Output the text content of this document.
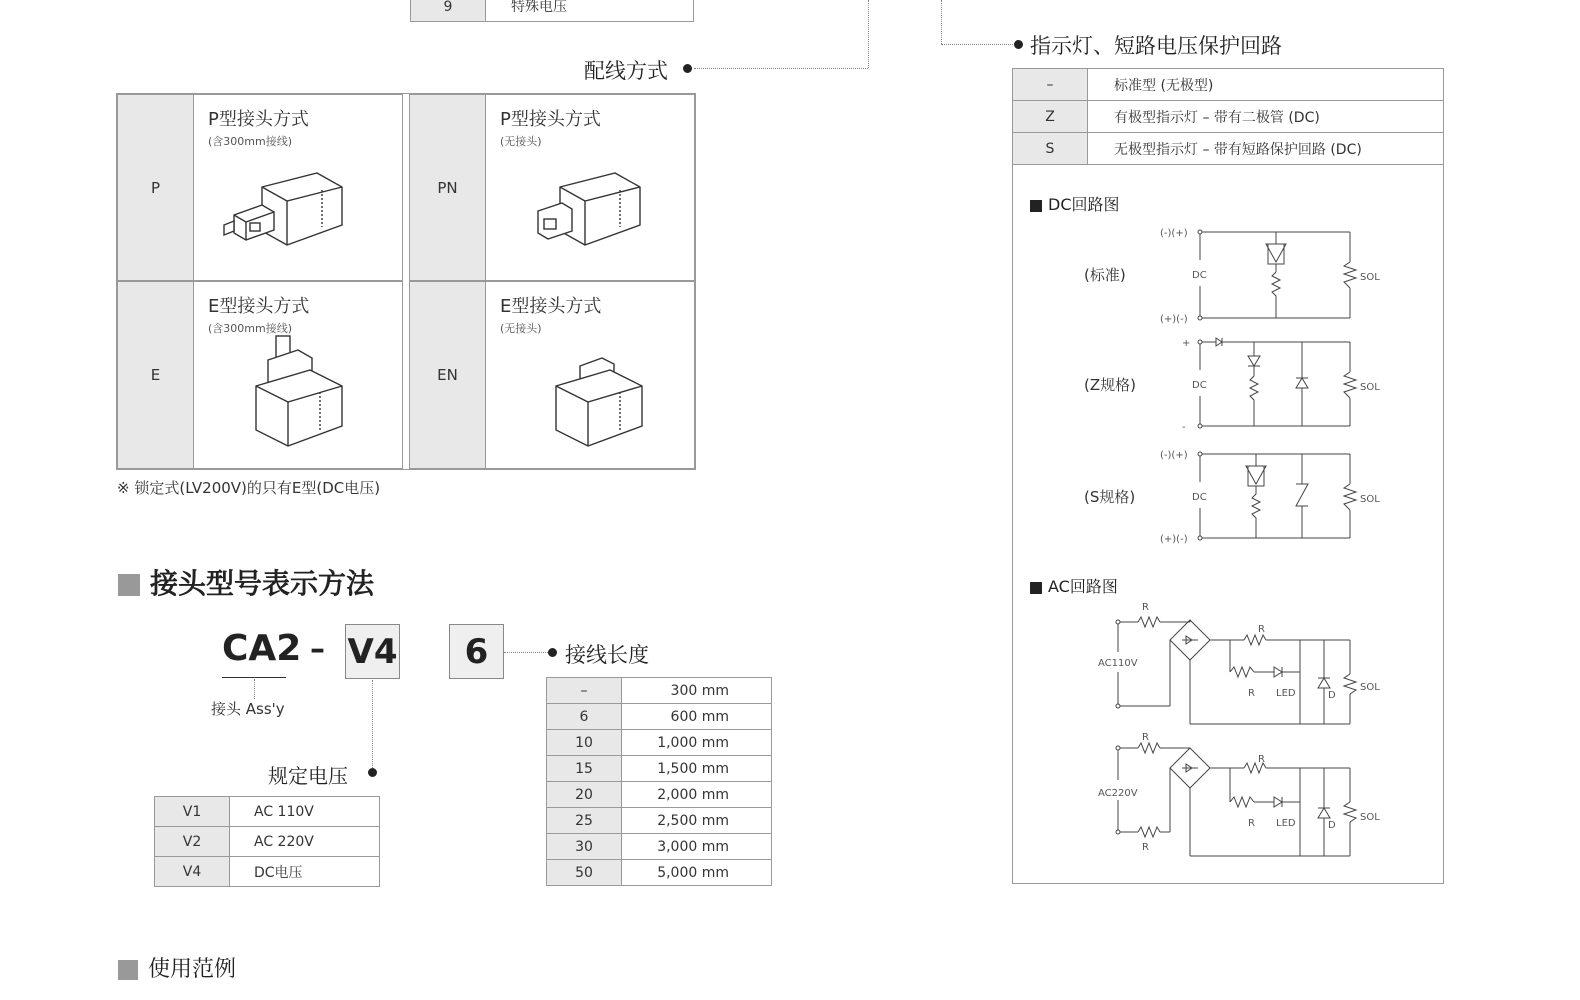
9	特殊电压
配线方式
P
P型接头方式
(含300mm接线)
PN
P型接头方式
(无接头)
E
E型接头方式
(含300mm接线)
EN
E型接头方式
(无接头)
※ 锁定式(LV200V)的只有E型(DC电压)
接头型号表示方法
CA2 – V4	6
接头 Ass'y
规定电压
V1	AC 110V
V2	AC 220V
V4	DC电压
接线长度
–	300 mm
6	600 mm
10	1,000 mm
15	1,500 mm
20	2,000 mm
25	2,500 mm
30	3,000 mm
50	5,000 mm
使用范例
指示灯、短路电压保护回路
–	标准型 (无极型)
Z	有极型指示灯 – 带有二极管 (DC)
S	无极型指示灯 – 带有短路保护回路 (DC)
DC回路图
(标准)
(-)(+)
(+)(-)
DC	SOL
(Z规格)
+
-
DC	SOL
(S规格)
(-)(+)
(+)(-)
DC	SOL
AC回路图
AC110V
R
R
R LED	D
SOL
AC220V
R
R
R
R LED	D
SOL
